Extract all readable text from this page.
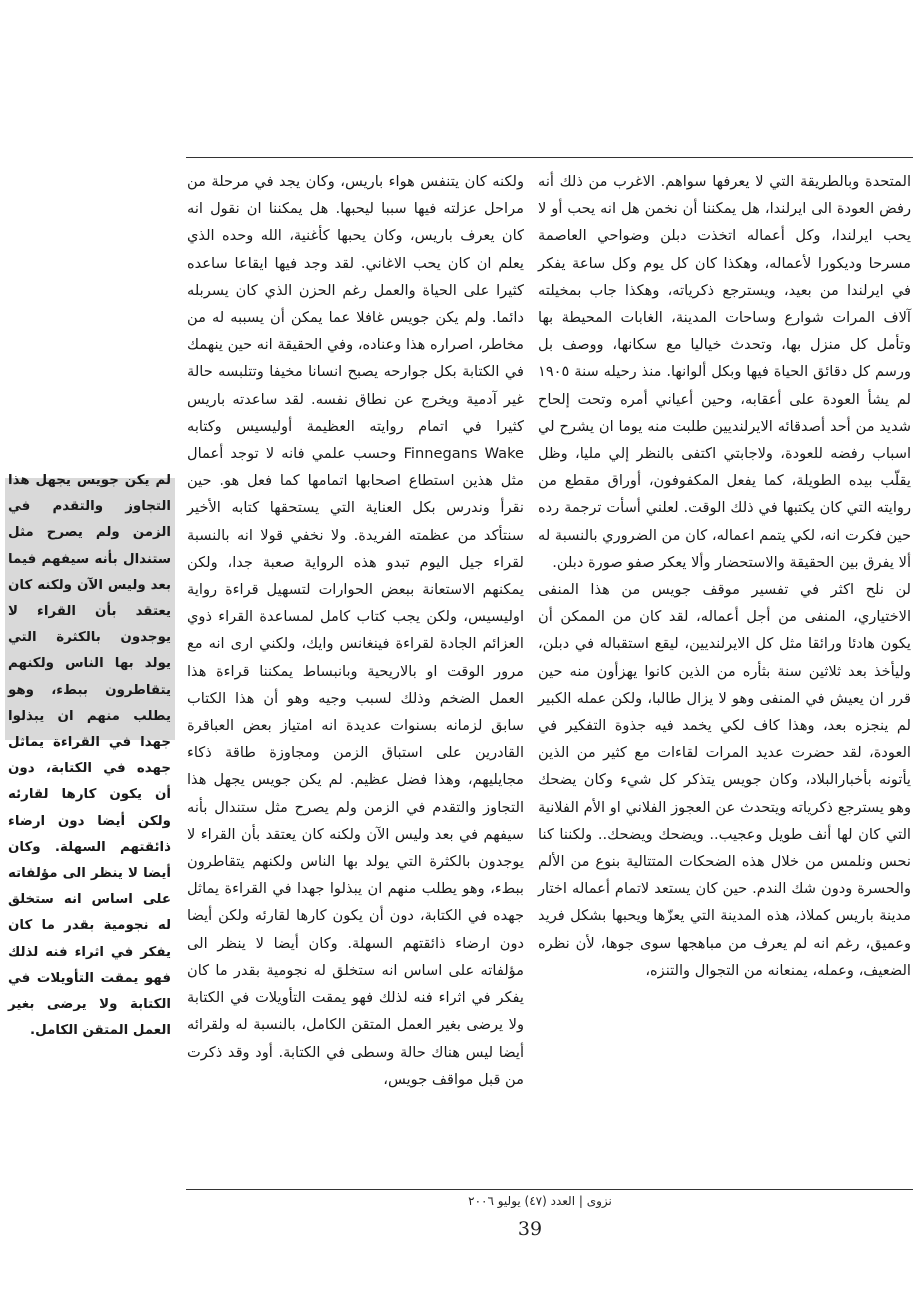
المتحدة وبالطريقة التي لا يعرفها سواهم. الاغرب من ذلك أنه رفض العودة الى ايرلندا، هل يمكننا أن نخمن هل انه يحب أو لا يحب ايرلندا، وكل أعماله اتخذت دبلن وضواحي العاصمة مسرحا وديكورا لأعماله، وهكذا كان كل يوم وكل ساعة يفكر في ايرلندا من بعيد، ويسترجع ذكرياته، وهكذا جاب بمخيلته آلاف المرات شوارع وساحات المدينة، الغابات المحيطة بها وتأمل كل منزل بها، وتحدث خياليا مع سكانها، ووصف بل ورسم كل دقائق الحياة فيها وبكل ألوانها. منذ رحيله سنة ١٩٠٥ لم يشأ العودة على أعقابه، وحين أعياني أمره وتحت إلحاح شديد من أحد أصدقائه الايرلنديين طلبت منه يوما ان يشرح لي اسباب رفضه للعودة، ولاجابتي اكتفى بالنظر إلي مليا، وظل يقلّب بيده الطويلة، كما يفعل المكفوفون، أوراق مقطع من روايته التي كان يكتبها في ذلك الوقت. لعلني أسأت ترجمة رده حين فكرت انه، لكي يتمم اعماله، كان من الضروري بالنسبة له ألا يفرق بين الحقيقة والاستحضار وألا يعكر صفو صورة دبلن.

لن نلح اكثر في تفسير موقف جويس من هذا المنفى الاختياري، المنفى من أجل أعماله، لقد كان من الممكن أن يكون هادئا ورائقا مثل كل الايرلنديين، ليقع استقباله في دبلن، وليأخذ بعد ثلاثين سنة بثأره من الذين كانوا يهزأون منه حين قرر ان يعيش في المنفى وهو لا يزال طالبا، ولكن عمله الكبير لم ينجزه بعد، وهذا كاف لكي يخمد فيه جذوة التفكير في العودة، لقد حضرت عديد المرات لقاءات مع كثير من الذين يأتونه بأخبارالبلاد، وكان جويس يتذكر كل شيء وكان يضحك وهو يسترجع ذكرياته ويتحدث عن العجوز الفلاني او الأم الفلانية التي كان لها أنف طويل وعجيب.. ويضحك ويضحك.. ولكننا كنا نحس ونلمس من خلال هذه الضحكات المتتالية بنوع من الألم والحسرة ودون شك الندم. حين كان يستعد لاتمام أعماله اختار مدينة باريس كملاذ، هذه المدينة التي يعزّها ويحبها بشكل فريد وعميق، رغم انه لم يعرف من مباهجها سوى جوها، لأن نظره الضعيف، وعمله، يمنعانه من التجوال والتنزه،

ولكنه كان يتنفس هواء باريس، وكان يجد في مرحلة من مراحل عزلته فيها سببا ليحبها. هل يمكننا ان نقول انه كان يعرف باريس، وكان يحبها كأغنية، الله وحده الذي يعلم ان كان يحب الاغاني. لقد وجد فيها ايقاعا ساعده كثيرا على الحياة والعمل رغم الحزن الذي كان يسربله دائما. ولم يكن جويس غافلا عما يمكن أن يسببه له من مخاطر، اصراره هذا وعناده، وفي الحقيقة انه حين ينهمك في الكتابة بكل جوارحه يصبح انسانا مخيفا وتتلبسه حالة غير آدمية ويخرج عن نطاق نفسه. لقد ساعدته باريس كثيرا في اتمام روايته العظيمة أوليسيس وكتابه Finnegans Wake وحسب علمي فانه لا توجد أعمال مثل هذين استطاع اصحابها اتمامها كما فعل هو. حين نقرأ وندرس بكل العناية التي يستحقها كتابه الأخير سنتأكد من عظمته الفريدة. ولا نخفي قولا انه بالنسبة لقراء جيل اليوم تبدو هذه الرواية صعبة جدا، ولكن يمكنهم الاستعانة ببعض الحوارات لتسهيل قراءة رواية اوليسيس، ولكن يجب كتاب كامل لمساعدة القراء ذوي العزائم الجادة لقراءة فينغانس وايك، ولكني ارى انه مع مرور الوقت او بالاريحية وبانبساط يمكننا قراءة هذا العمل الضخم وذلك لسبب وجيه وهو أن هذا الكتاب سابق لزمانه بسنوات عديدة انه امتياز بعض العباقرة القادرين على استباق الزمن ومجاوزة طاقة ذكاء مجايليهم، وهذا فضل عظيم. لم يكن جويس يجهل هذا التجاوز والتقدم في الزمن ولم يصرح مثل ستندال بأنه سيفهم في بعد وليس الآن ولكنه كان يعتقد بأن القراء لا يوجدون بالكثرة التي يولد بها الناس ولكنهم يتقاطرون ببطء، وهو يطلب منهم ان يبذلوا جهدا في القراءة يماثل جهده في الكتابة، دون أن يكون كارها لقارئه ولكن أيضا دون ارضاء ذائقتهم السهلة. وكان أيضا لا ينظر الى مؤلفاته على اساس انه ستخلق له نجومية بقدر ما كان يفكر في اثراء فنه لذلك فهو يمقت التأويلات في الكتابة ولا يرضى بغير العمل المتقن الكامل، بالنسبة له ولقرائه أيضا ليس هناك حالة وسطى في الكتابة. أود وقد ذكرت من قبل مواقف جويس،

لم يكن جويس يجهل هذا التجاوز والتقدم في الزمن ولم يصرح مثل ستندال بأنه سيفهم فيما بعد وليس الآن ولكنه كان يعتقد بأن القراء لا يوجدون بالكثرة التي يولد بها الناس ولكنهم يتقاطرون ببطء، وهو يطلب منهم ان يبذلوا جهدا في القراءة يماثل جهده في الكتابة، دون أن يكون كارها لقارئه ولكن أيضا دون ارضاء ذائقتهم السهلة. وكان أيضا لا ينظر الى مؤلفاته على اساس انه ستخلق له نجومية بقدر ما كان يفكر في اثراء فنه لذلك فهو يمقت التأويلات في الكتابة ولا يرضى بغير العمل المتقن الكامل.
نزوى | العدد (٤٧) يوليو ٢٠٠٦
39
